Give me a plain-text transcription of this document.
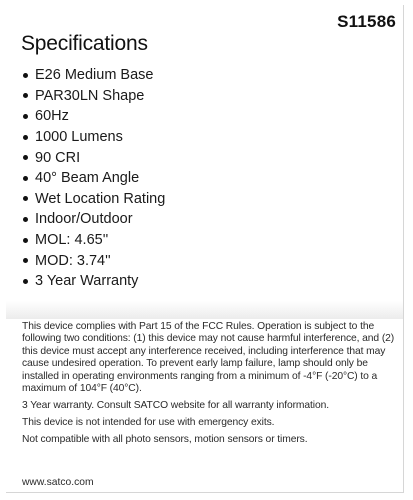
S11586
Specifications
E26 Medium Base
PAR30LN Shape
60Hz
1000 Lumens
90 CRI
40° Beam Angle
Wet Location Rating
Indoor/Outdoor
MOL: 4.65''
MOD: 3.74''
3 Year Warranty

This device complies with Part 15 of the FCC Rules. Operation is subject to the following two conditions: (1) this device may not cause harmful interference, and (2) this device must accept any interference received, including interference that may cause undesired operation. To prevent early lamp failure, lamp should only be installed in operating environments ranging from a minimum of -4°F (-20°C) to a maximum of 104°F (40°C).

3 Year warranty. Consult SATCO website for all warranty information.

This device is not intended for use with emergency exits.

Not compatible with all photo sensors, motion sensors or timers.

www.satco.com
